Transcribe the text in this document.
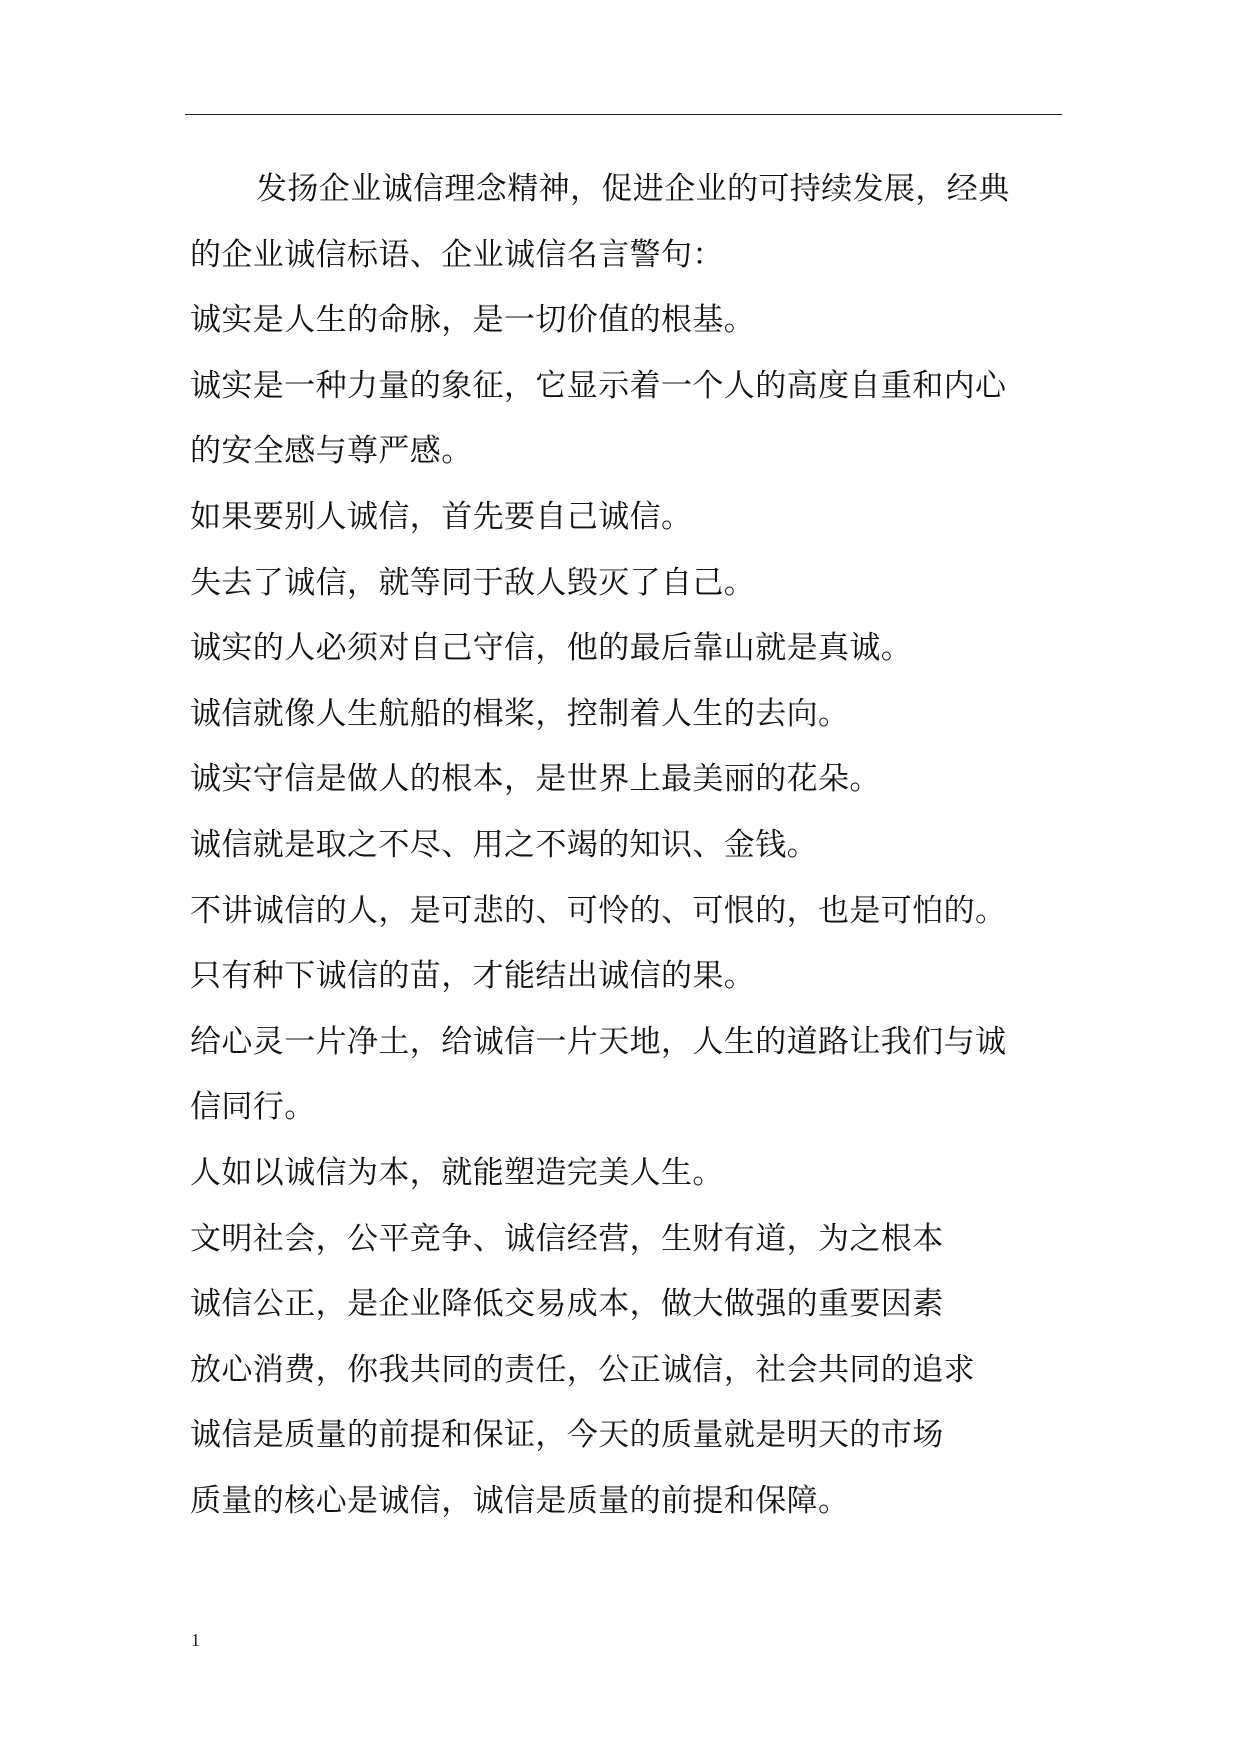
发扬企业诚信理念精神，促进企业的可持续发展，经典
的企业诚信标语、企业诚信名言警句：
诚实是人生的命脉，是一切价值的根基。
诚实是一种力量的象征，它显示着一个人的高度自重和内心
的安全感与尊严感。
如果要别人诚信，首先要自己诚信。
失去了诚信，就等同于敌人毁灭了自己。
诚实的人必须对自己守信，他的最后靠山就是真诚。
诚信就像人生航船的楫桨，控制着人生的去向。
诚实守信是做人的根本，是世界上最美丽的花朵。
诚信就是取之不尽、用之不竭的知识、金钱。
不讲诚信的人，是可悲的、可怜的、可恨的，也是可怕的。
只有种下诚信的苗，才能结出诚信的果。
给心灵一片净土，给诚信一片天地，人生的道路让我们与诚
信同行。
人如以诚信为本，就能塑造完美人生。
文明社会，公平竞争、诚信经营，生财有道，为之根本
诚信公正，是企业降低交易成本，做大做强的重要因素
放心消费，你我共同的责任，公正诚信，社会共同的追求
诚信是质量的前提和保证，今天的质量就是明天的市场
质量的核心是诚信，诚信是质量的前提和保障。
1
